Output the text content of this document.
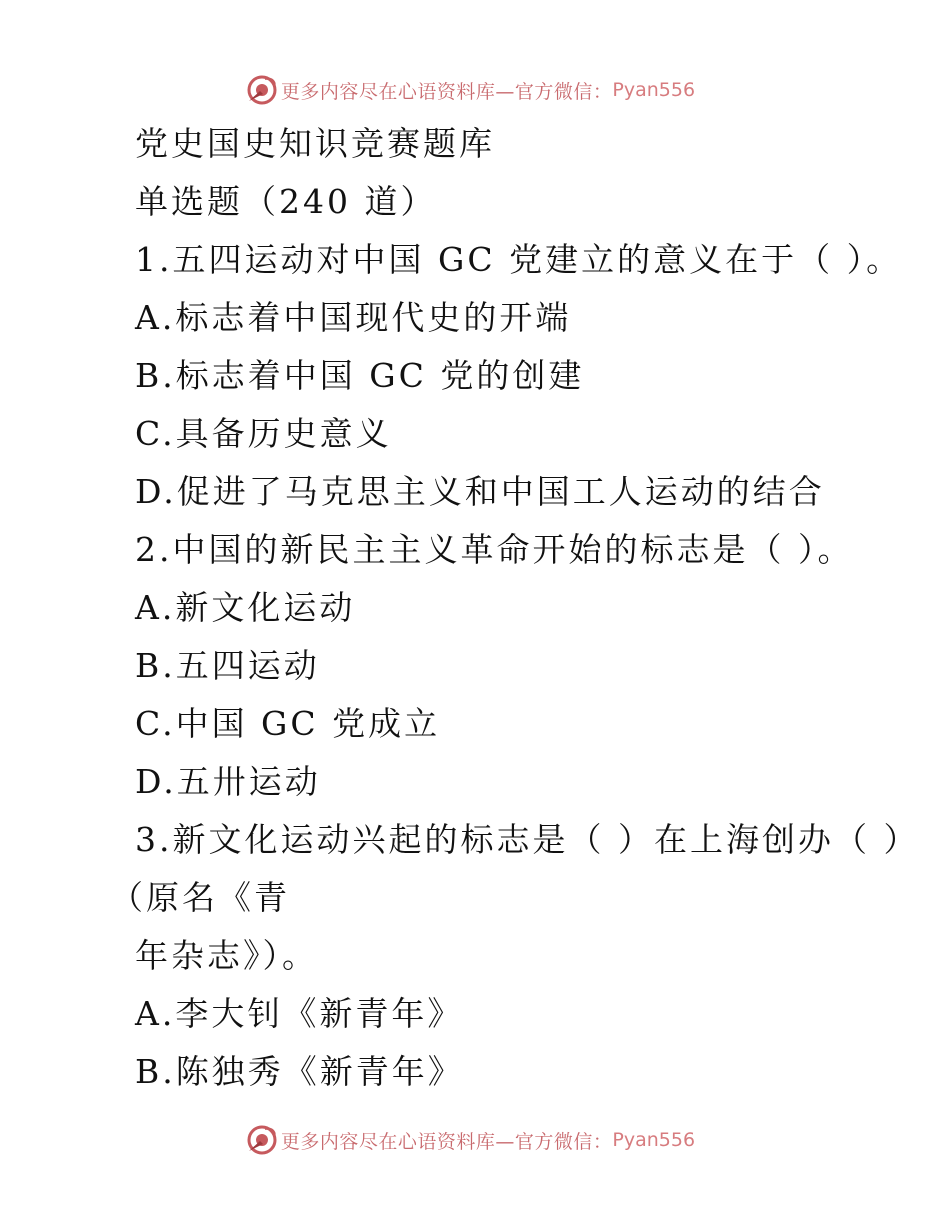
更多内容尽在心语资料库—官方微信： Pyan556
党史国史知识竞赛题库
单选题（240 道）
1.五四运动对中国 GC 党建立的意义在于（ ）。
A.标志着中国现代史的开端
B.标志着中国 GC 党的创建
C.具备历史意义
D.促进了马克思主义和中国工人运动的结合
2.中国的新民主主义革命开始的标志是（ ）。
A.新文化运动
B.五四运动
C.中国 GC 党成立
D.五卅运动
3.新文化运动兴起的标志是（ ）在上海创办（ ）
（原名《青
年杂志》）。
A.李大钊《新青年》
B.陈独秀《新青年》
更多内容尽在心语资料库—官方微信： Pyan556
